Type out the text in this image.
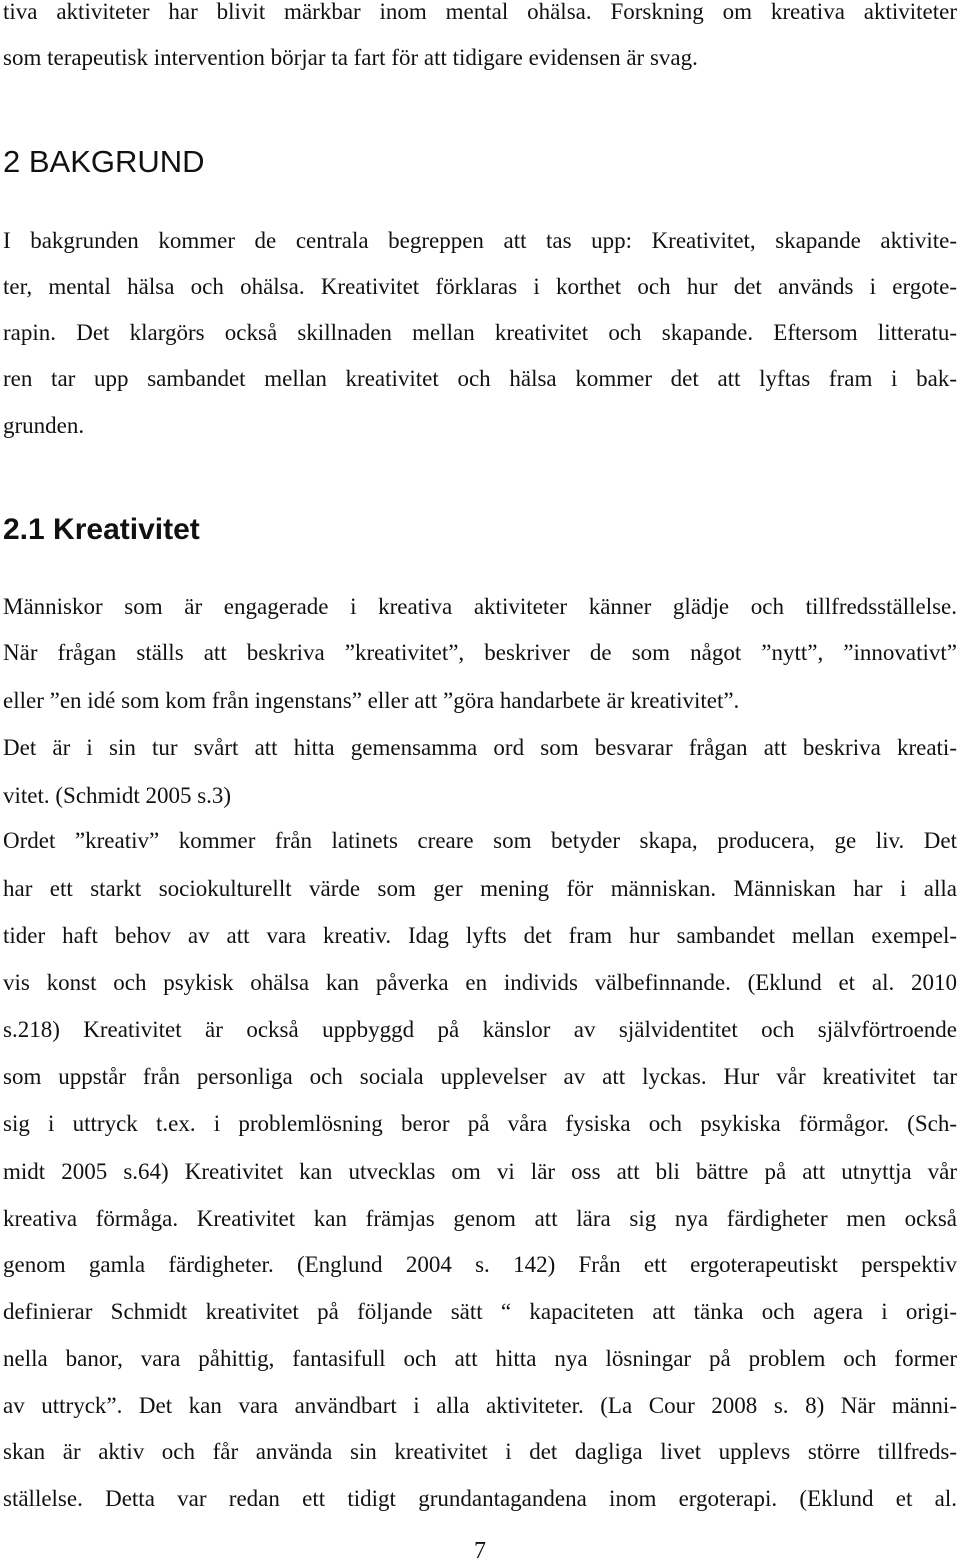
tiva aktiviteter har blivit märkbar inom mental ohälsa. Forskning om kreativa aktiviteter
som terapeutisk intervention börjar ta fart för att tidigare evidensen är svag.
2 BAKGRUND
I bakgrunden kommer de centrala begreppen att tas upp: Kreativitet, skapande aktivite-
ter, mental hälsa och ohälsa. Kreativitet förklaras i korthet och hur det används i ergote-
rapin. Det klargörs också skillnaden mellan kreativitet och skapande. Eftersom litteratu-
ren tar upp sambandet mellan kreativitet och hälsa kommer det att lyftas fram i bak-
grunden.
2.1 Kreativitet
Människor som är engagerade i kreativa aktiviteter känner glädje och tillfredsställelse.
När frågan ställs att beskriva ”kreativitet”, beskriver de som något ”nytt”, ”innovativt”
eller ”en idé som kom från ingenstans” eller att ”göra handarbete är kreativitet”.
Det är i sin tur svårt att hitta gemensamma ord som besvarar frågan att beskriva kreati-
vitet. (Schmidt 2005 s.3)
Ordet ”kreativ” kommer från latinets creare som betyder skapa, producera, ge liv. Det
har ett starkt sociokulturellt värde som ger mening för människan. Människan har i alla
tider haft behov av att vara kreativ. Idag lyfts det fram hur sambandet mellan exempel-
vis konst och psykisk ohälsa kan påverka en individs välbefinnande. (Eklund et al. 2010
s.218) Kreativitet är också uppbyggd på känslor av självidentitet och självförtroende
som uppstår från personliga och sociala upplevelser av att lyckas. Hur vår kreativitet tar
sig i uttryck t.ex. i problemlösning beror på våra fysiska och psykiska förmågor. (Sch-
midt 2005 s.64) Kreativitet kan utvecklas om vi lär oss att bli bättre på att utnyttja vår
kreativa förmåga. Kreativitet kan främjas genom att lära sig nya färdigheter men också
genom gamla färdigheter. (Englund 2004 s. 142) Från ett ergoterapeutiskt perspektiv
definierar Schmidt kreativitet på följande sätt “ kapaciteten att tänka och agera i origi-
nella banor, vara påhittig, fantasifull och att hitta nya lösningar på problem och former
av uttryck”. Det kan vara användbart i alla aktiviteter. (La Cour 2008 s. 8) När männi-
skan är aktiv och får använda sin kreativitet i det dagliga livet upplevs större tillfreds-
ställelse. Detta var redan ett tidigt grundantagandena inom ergoterapi. (Eklund et al.
7
